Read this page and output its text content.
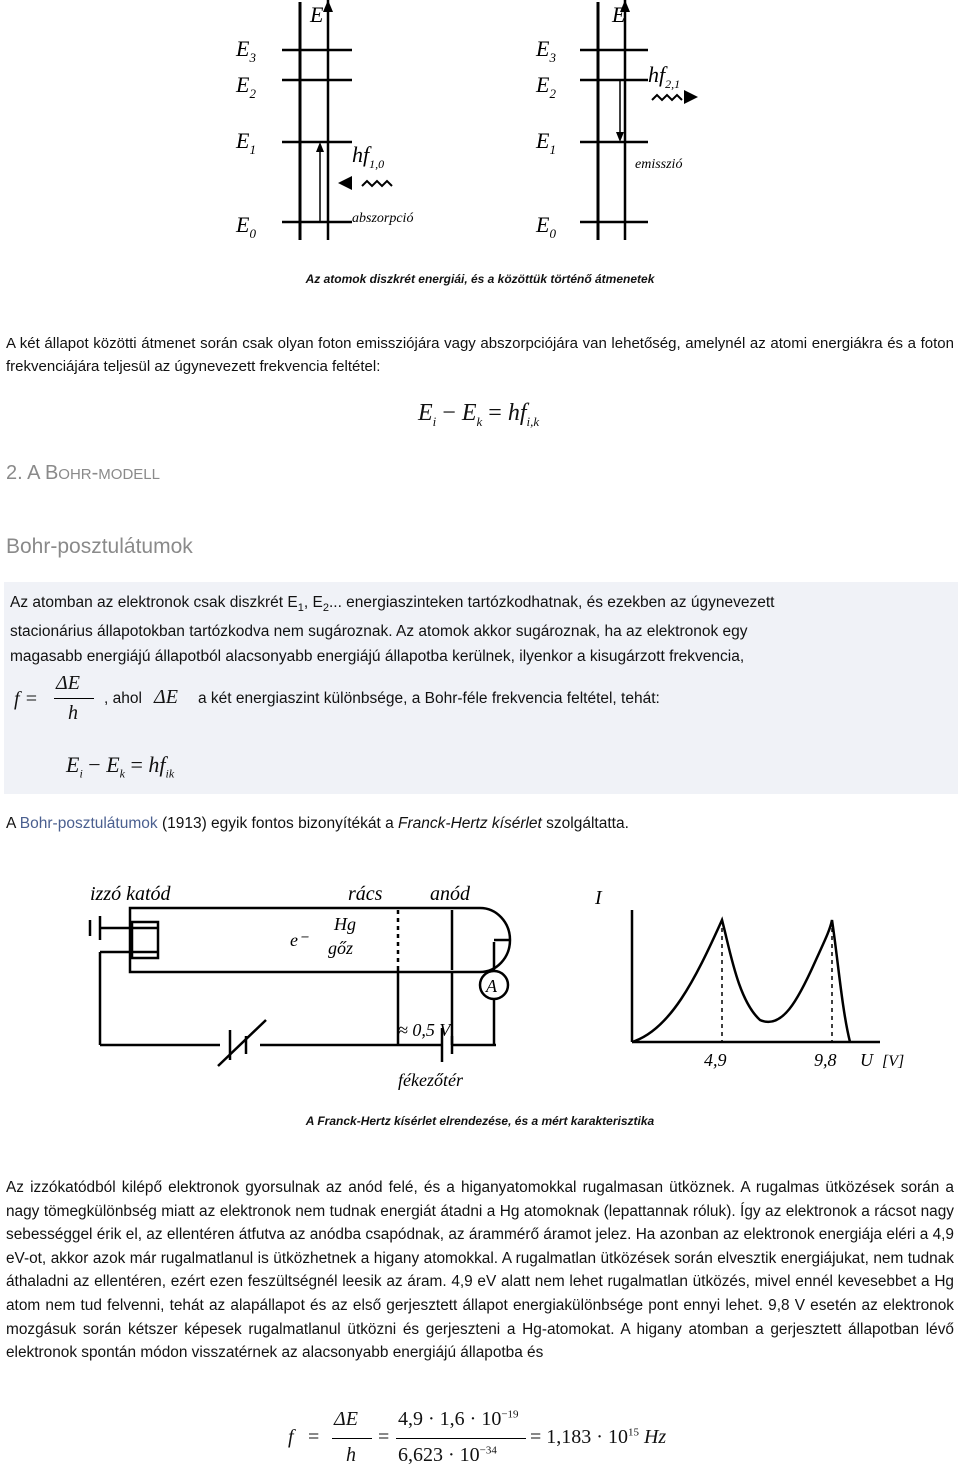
E
$E_3$
$E_2$
$E_1$
$E_0$
$hf_{1,0}$
abszorpció
E
$E_3$
$E_2$
$E_1$
$E_0$
$hf_{2,1}$
emisszió
Az atomok diszkrét energiái, és a közöttük történő átmenetek
A két állapot közötti átmenet során csak olyan foton emissziójára vagy abszorpciójára van lehetőség, amelynél az atomi energiákra és a foton frekvenciájára teljesül az úgynevezett frekvencia feltétel:
$E_i - E_k = hf_{i,k}$
2. A BOHR-MODELL
Bohr-posztulátumok
Az atomban az elektronok csak diszkrét $E_1$, $E_2$... energiaszinteken tartózkodhatnak, és ezekben az úgynevezett
stacionárius állapotokban tartózkodva nem sugároznak. Az atomok akkor sugároznak, ha az elektronok egy
magasabb energiájú állapotból alacsonyabb energiájú állapotba kerülnek, ilyenkor a kisugárzott frekvencia,
f =
ΔE
h
, ahol ΔE a két energiaszint különbsége, a Bohr-féle frekvencia feltétel, tehát:
$E_i - E_k = hf_{ik}$
A Bohr-posztulátumok (1913) egyik fontos bizonyítékát a Franck-Hertz kísérlet szolgáltatta.
izzó katód	rács anód
Hg
gőz
e⁻
A
≈ 0,5 V
fékezőtér
I
4,9	9,8 U [V]
A Franck-Hertz kísérlet elrendezése, és a mért karakterisztika
Az izzókatódból kilépő elektronok gyorsulnak az anód felé, és a higanyatomokkal rugalmasan ütköznek. A rugalmas ütközések során a nagy tömegkülönbség miatt az elektronok nem tudnak energiát átadni a Hg atomoknak (lepattannak róluk). Így az elektronok a rácsot nagy sebességgel érik el, az ellentéren átfutva az anódba csapódnak, az árammérő áramot jelez. Ha azonban az elektronok energiája eléri a 4,9 eV-ot, akkor azok már rugalmatlanul is ütközhetnek a higany atomokkal. A rugalmatlan ütközések során elvesztik energiájukat, nem tudnak áthaladni az ellentéren, ezért ezen feszültségnél leesik az áram. 4,9 eV alatt nem lehet rugalmatlan ütközés, mivel ennél kevesebbet a Hg atom nem tud felvenni, tehát az alapállapot és az első gerjesztett állapot energiakülönbsége pont ennyi lehet. 9,8 V esetén az elektronok mozgásuk során kétszer képesek rugalmatlanul ütközni és gerjeszteni a Hg-atomokat. A higany atomban a gerjesztett állapotban lévő elektronok spontán módon visszatérnek az alacsonyabb energiájú állapotba és
f =
ΔE
h
=
$4,9 \cdot 1,6 \cdot 10^{-19}$
$6,623 \cdot 10^{-34}$
= $1,183 \cdot 10^{15}$ Hz
